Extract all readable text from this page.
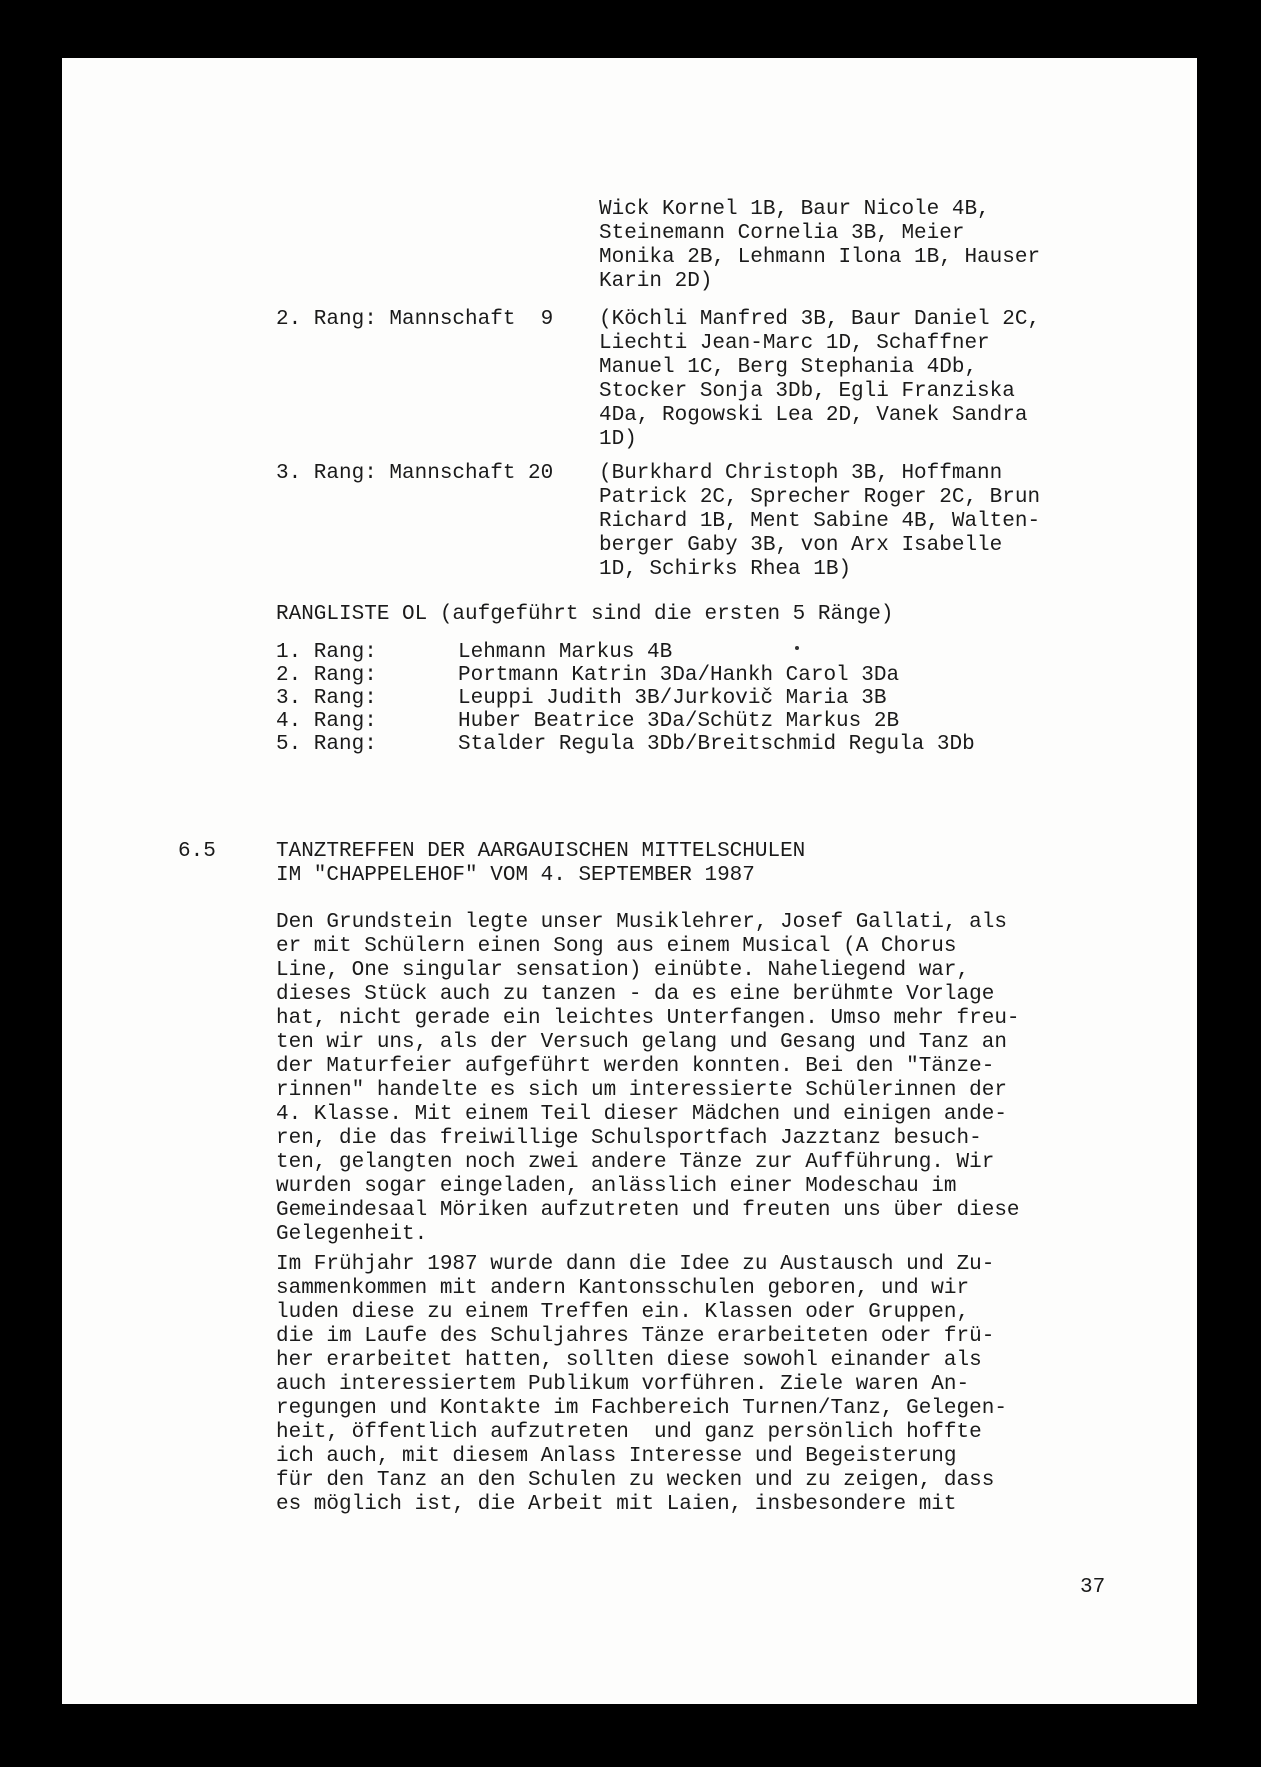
Wick Kornel 1B, Baur Nicole 4B,
Steinemann Cornelia 3B, Meier
Monika 2B, Lehmann Ilona 1B, Hauser
Karin 2D)

2. Rang: Mannschaft  9 (Köchli Manfred 3B, Baur Daniel 2C,
Liechti Jean-Marc 1D, Schaffner
Manuel 1C, Berg Stephania 4Db,
Stocker Sonja 3Db, Egli Franziska
4Da, Rogowski Lea 2D, Vanek Sandra
1D)

3. Rang: Mannschaft 20 (Burkhard Christoph 3B, Hoffmann
Patrick 2C, Sprecher Roger 2C, Brun
Richard 1B, Ment Sabine 4B, Walten-
berger Gaby 3B, von Arx Isabelle
1D, Schirks Rhea 1B)

RANGLISTE OL (aufgeführt sind die ersten 5 Ränge)

1. Rang:	Lehmann Markus 4B

2. Rang:	Portmann Katrin 3Da/Hankh Carol 3Da

3. Rang:	Leuppi Judith 3B/Jurkovič Maria 3B

4. Rang:	Huber Beatrice 3Da/Schütz Markus 2B

5. Rang:	Stalder Regula 3Db/Breitschmid Regula 3Db

6.5	TANZTREFFEN DER AARGAUISCHEN MITTELSCHULEN
IM "CHAPPELEHOF" VOM 4. SEPTEMBER 1987

Den Grundstein legte unser Musiklehrer, Josef Gallati, als
er mit Schülern einen Song aus einem Musical (A Chorus
Line, One singular sensation) einübte. Naheliegend war,
dieses Stück auch zu tanzen - da es eine berühmte Vorlage
hat, nicht gerade ein leichtes Unterfangen. Umso mehr freu-
ten wir uns, als der Versuch gelang und Gesang und Tanz an
der Maturfeier aufgeführt werden konnten. Bei den "Tänze-
rinnen" handelte es sich um interessierte Schülerinnen der
4. Klasse. Mit einem Teil dieser Mädchen und einigen ande-
ren, die das freiwillige Schulsportfach Jazztanz besuch-
ten, gelangten noch zwei andere Tänze zur Aufführung. Wir
wurden sogar eingeladen, anlässlich einer Modeschau im
Gemeindesaal Möriken aufzutreten und freuten uns über diese
Gelegenheit.

Im Frühjahr 1987 wurde dann die Idee zu Austausch und Zu-
sammenkommen mit andern Kantonsschulen geboren, und wir
luden diese zu einem Treffen ein. Klassen oder Gruppen,
die im Laufe des Schuljahres Tänze erarbeiteten oder frü-
her erarbeitet hatten, sollten diese sowohl einander als
auch interessiertem Publikum vorführen. Ziele waren An-
regungen und Kontakte im Fachbereich Turnen/Tanz, Gelegen-
heit, öffentlich aufzutreten  und ganz persönlich hoffte
ich auch, mit diesem Anlass Interesse und Begeisterung
für den Tanz an den Schulen zu wecken und zu zeigen, dass
es möglich ist, die Arbeit mit Laien, insbesondere mit

37
